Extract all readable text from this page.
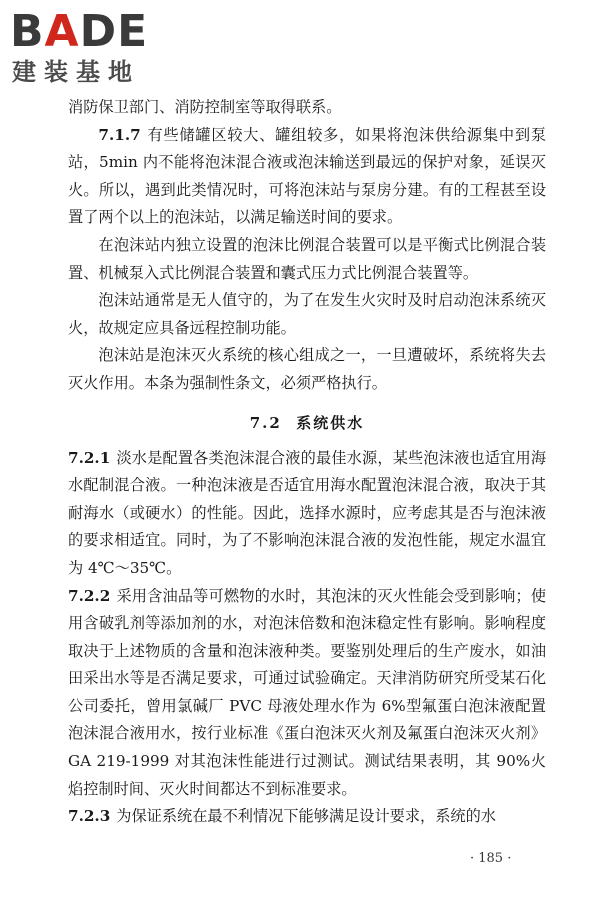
BADE
建装基地

消防保卫部门、消防控制室等取得联系。

7.1.7 有些储罐区较大、罐组较多，如果将泡沫供给源集中到泵站，5min 内不能将泡沫混合液或泡沫输送到最远的保护对象，延误灭火。所以，遇到此类情况时，可将泡沫站与泵房分建。有的工程甚至设置了两个以上的泡沫站，以满足输送时间的要求。

在泡沫站内独立设置的泡沫比例混合装置可以是平衡式比例混合装置、机械泵入式比例混合装置和囊式压力式比例混合装置等。

泡沫站通常是无人值守的，为了在发生火灾时及时启动泡沫系统灭火，故规定应具备远程控制功能。

泡沫站是泡沫灭火系统的核心组成之一，一旦遭破坏，系统将失去灭火作用。本条为强制性条文，必须严格执行。

7.2 系统供水

7.2.1 淡水是配置各类泡沫混合液的最佳水源，某些泡沫液也适宜用海水配制混合液。一种泡沫液是否适宜用海水配置泡沫混合液，取决于其耐海水（或硬水）的性能。因此，选择水源时，应考虑其是否与泡沫液的要求相适宜。同时，为了不影响泡沫混合液的发泡性能，规定水温宜为 4℃～35℃。

7.2.2 采用含油品等可燃物的水时，其泡沫的灭火性能会受到影响；使用含破乳剂等添加剂的水，对泡沫倍数和泡沫稳定性有影响。影响程度取决于上述物质的含量和泡沫液种类。要鉴别处理后的生产废水，如油田采出水等是否满足要求，可通过试验确定。天津消防研究所受某石化公司委托，曾用氯碱厂 PVC 母液处理水作为 6%型氟蛋白泡沫液配置泡沫混合液用水，按行业标准《蛋白泡沫灭火剂及氟蛋白泡沫灭火剂》GA 219-1999 对其泡沫性能进行过测试。测试结果表明，其 90%火焰控制时间、灭火时间都达不到标准要求。

7.2.3 为保证系统在最不利情况下能够满足设计要求，系统的水

· 185 ·
